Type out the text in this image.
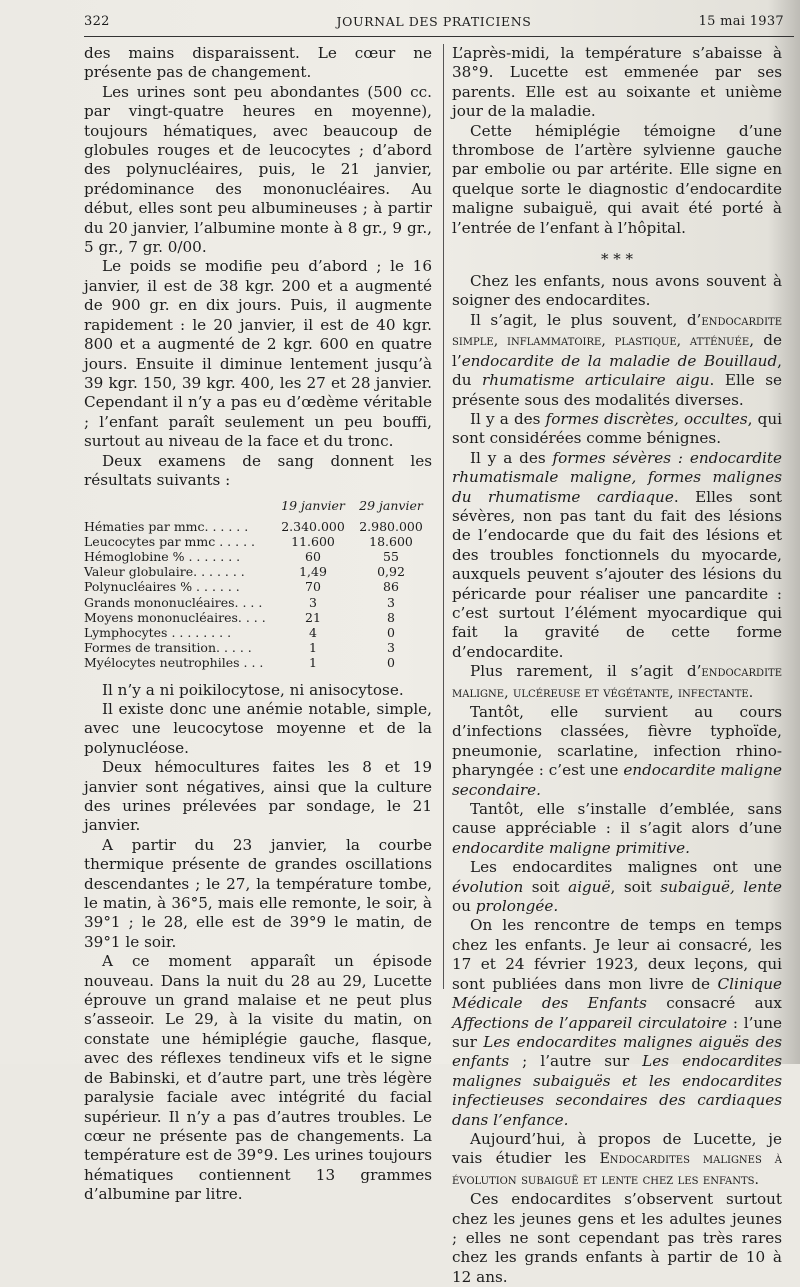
322	JOURNAL DES PRATICIENS	15 mai 1937

des mains disparaissent. Le cœur ne présente pas de changement.

Les urines sont peu abondantes (500 cc. par vingt-quatre heures en moyenne), toujours hématiques, avec beaucoup de globules rouges et de leucocytes ; d’abord des polynucléaires, puis, le 21 janvier, prédominance des mononucléaires. Au début, elles sont peu albumineuses ; à partir du 20 janvier, l’albumine monte à 8 gr., 9 gr., 5 gr., 7 gr. 0/00.

Le poids se modifie peu d’abord ; le 16 janvier, il est de 38 kgr. 200 et a augmenté de 900 gr. en dix jours. Puis, il augmente rapidement : le 20 janvier, il est de 40 kgr. 800 et a augmenté de 2 kgr. 600 en quatre jours. Ensuite il diminue lentement jusqu’à 39 kgr. 150, 39 kgr. 400, les 27 et 28 janvier. Cependant il n’y a pas eu d’œdème véritable ; l’enfant paraît seulement un peu bouffi, surtout au niveau de la face et du tronc.

Deux examens de sang donnent les résultats suivants :

	19 janvier	29 janvier
Hématies par mmc. . . . . .	2.340.000	2.980.000
Leucocytes par mmc . . . . .	11.600	18.600
Hémoglobine % . . . . . . .	60	55
Valeur globulaire. . . . . . .	1,49	0,92
Polynucléaires % . . . . . .	70	86
Grands mononucléaires. . . .	3	3
Moyens mononucléaires. . . .	21	8
Lymphocytes . . . . . . . .	4	0
Formes de transition. . . . .	1	3
Myélocytes neutrophiles . . .	1	0

Il n’y a ni poikilocytose, ni anisocytose.

Il existe donc une anémie notable, simple, avec une leucocytose moyenne et de la polynucléose.

Deux hémocultures faites les 8 et 19 janvier sont négatives, ainsi que la culture des urines prélevées par sondage, le 21 janvier.

A partir du 23 janvier, la courbe thermique présente de grandes oscillations descendantes ; le 27, la température tombe, le matin, à 36°5, mais elle remonte, le soir, à 39°1 ; le 28, elle est de 39°9 le matin, de 39°1 le soir.

A ce moment apparaît un épisode nouveau. Dans la nuit du 28 au 29, Lucette éprouve un grand malaise et ne peut plus s’asseoir. Le 29, à la visite du matin, on constate une hémiplégie gauche, flasque, avec des réflexes tendineux vifs et le signe de Babinski, et d’autre part, une très légère paralysie faciale avec intégrité du facial supérieur. Il n’y a pas d’autres troubles. Le cœur ne présente pas de changements. La température est de 39°9. Les urines toujours hématiques contiennent 13 grammes d’albumine par litre.

L’après-midi, la température s’abaisse à 38°9. Lucette est emmenée par ses parents. Elle est au soixante et unième jour de la maladie.

Cette hémiplégie témoigne d’une thrombose de l’artère sylvienne gauche par embolie ou par artérite. Elle signe en quelque sorte le diagnostic d’endocardite maligne subaiguë, qui avait été porté à l’entrée de l’enfant à l’hôpital.

* * *

Chez les enfants, nous avons souvent à soigner des endocardites.

Il s’agit, le plus souvent, d’endocardite simple, inflammatoire, plastique, atténuée, de l’endocardite de la maladie de Bouillaud, du rhumatisme articulaire aigu. Elle se présente sous des modalités diverses.

Il y a des formes discrètes, occultes, qui sont considérées comme bénignes.

Il y a des formes sévères : endocardite rhumatismale maligne, formes malignes du rhumatisme cardiaque. Elles sont sévères, non pas tant du fait des lésions de l’endocarde que du fait des lésions et des troubles fonctionnels du myocarde, auxquels peuvent s’ajouter des lésions du péricarde pour réaliser une pancardite : c’est surtout l’élément myocardique qui fait la gravité de cette forme d’endocardite.

Plus rarement, il s’agit d’endocardite maligne, ulcéreuse et végétante, infectante.

Tantôt, elle survient au cours d’infections classées, fièvre typhoïde, pneumonie, scarlatine, infection rhino-pharyngée : c’est une endocardite maligne secondaire.

Tantôt, elle s’installe d’emblée, sans cause appréciable : il s’agit alors d’une endocardite maligne primitive.

Les endocardites malignes ont une évolution soit aiguë, soit subaiguë, lente ou prolongée.

On les rencontre de temps en temps chez les enfants. Je leur ai consacré, les 17 et 24 février 1923, deux leçons, qui sont publiées dans mon livre de Clinique Médicale des Enfants consacré aux Affections de l’appareil circulatoire : l’une sur Les endocardites malignes aiguës des enfants ; l’autre sur Les endocardites malignes subaiguës et les endocardites infectieuses secondaires des cardiaques dans l’enfance.

Aujourd’hui, à propos de Lucette, je vais étudier les Endocardites malignes à évolution subaiguë et lente chez les enfants.

Ces endocardites s’observent surtout chez les jeunes gens et les adultes jeunes ; elles ne sont cependant pas très rares chez les grands enfants à partir de 10 à 12 ans.
